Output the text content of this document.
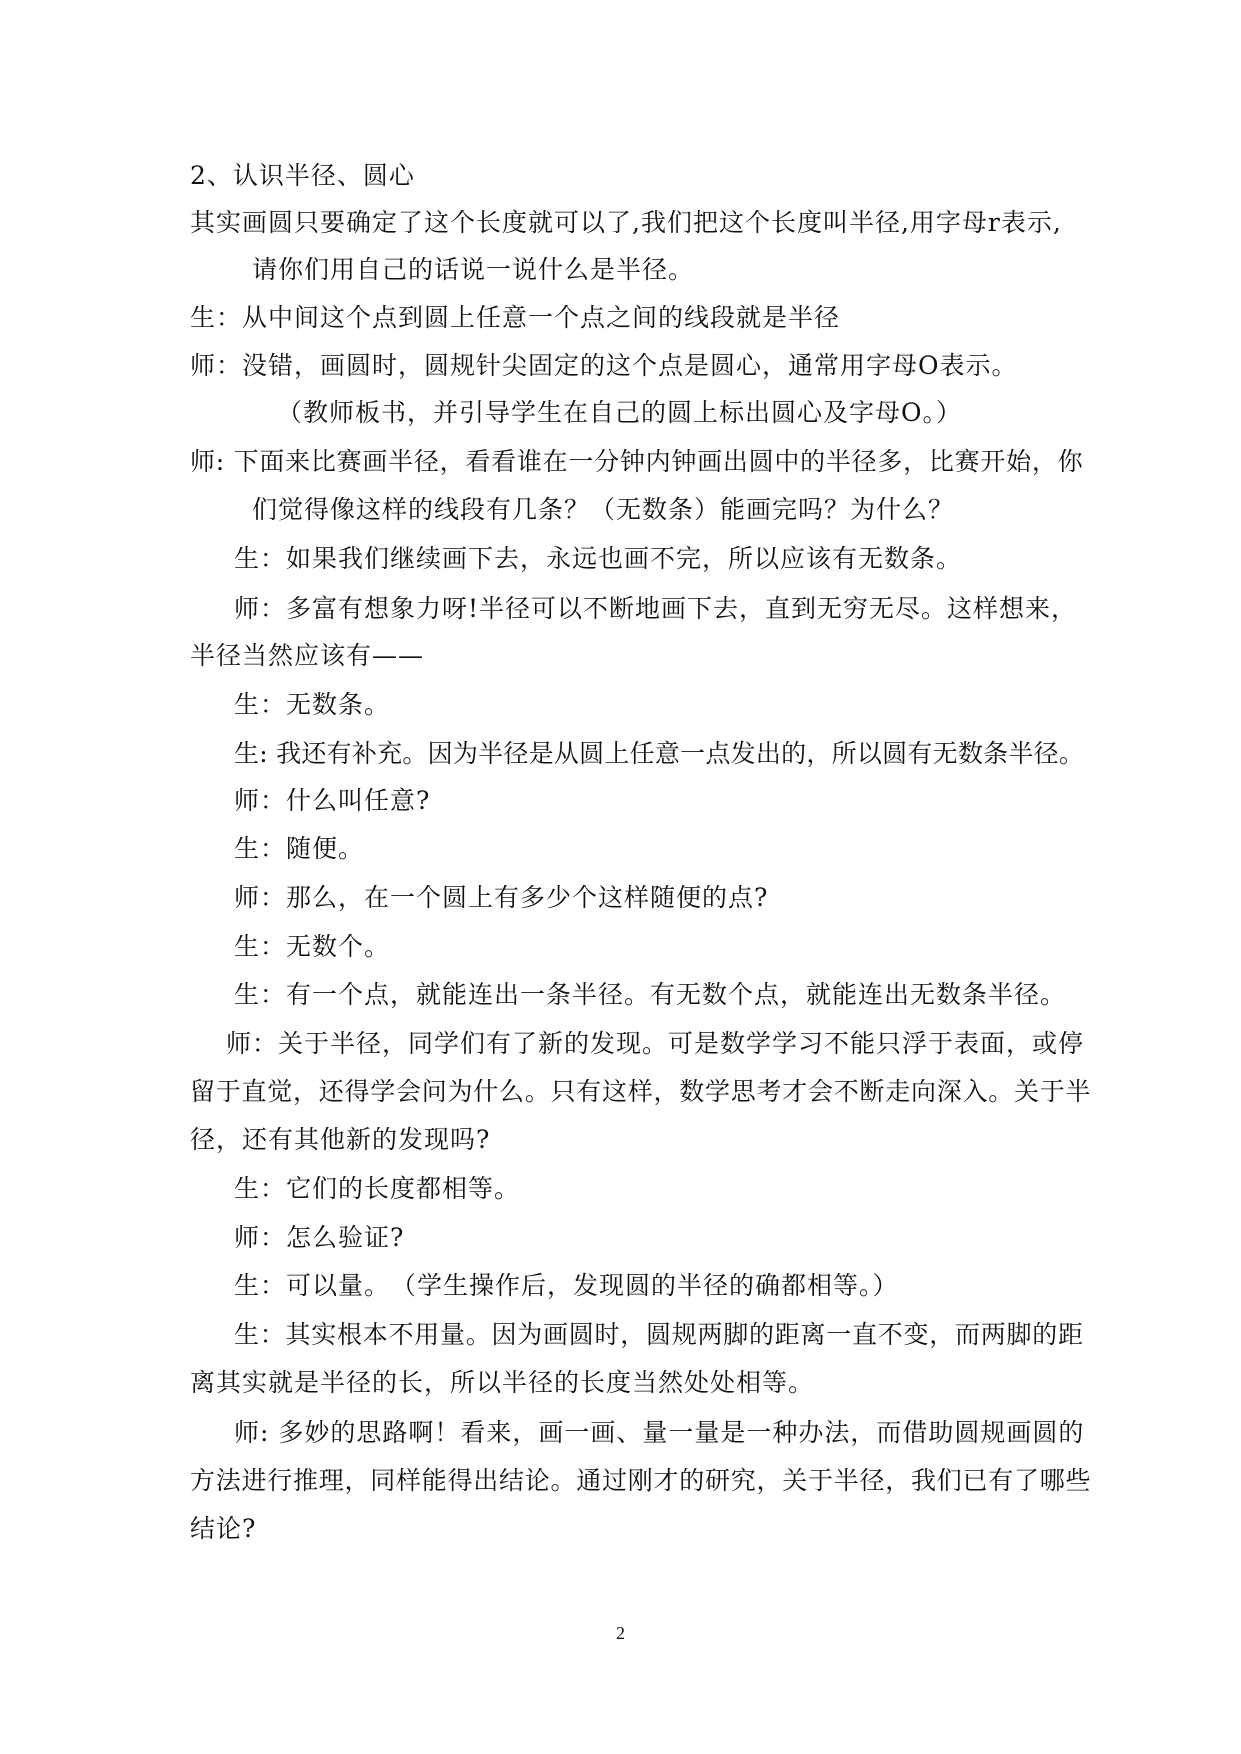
2、认识半径、圆心
其实画圆只要确定了这个长度就可以了,我们把这个长度叫半径,用字母r表示,
请你们用自己的话说一说什么是半径。
生：从中间这个点到圆上任意一个点之间的线段就是半径
师：没错，画圆时，圆规针尖固定的这个点是圆心，通常用字母O表示。
（教师板书，并引导学生在自己的圆上标出圆心及字母O。）
师: 下面来比赛画半径，看看谁在一分钟内钟画出圆中的半径多，比赛开始，你
们觉得像这样的线段有几条？（无数条）能画完吗？为什么？
生：如果我们继续画下去，永远也画不完，所以应该有无数条。
师：多富有想象力呀!半径可以不断地画下去，直到无穷无尽。这样想来，
半径当然应该有——
生：无数条。
生: 我还有补充。因为半径是从圆上任意一点发出的，所以圆有无数条半径。
师：什么叫任意?
生：随便。
师：那么，在一个圆上有多少个这样随便的点?
生：无数个。
生：有一个点，就能连出一条半径。有无数个点，就能连出无数条半径。
师：关于半径，同学们有了新的发现。可是数学学习不能只浮于表面，或停
留于直觉，还得学会问为什么。只有这样，数学思考才会不断走向深入。关于半
径，还有其他新的发现吗?
生：它们的长度都相等。
师：怎么验证?
生：可以量。　（学生操作后，发现圆的半径的确都相等。）
生：其实根本不用量。因为画圆时，圆规两脚的距离一直不变，而两脚的距
离其实就是半径的长，所以半径的长度当然处处相等。
师: 多妙的思路啊！看来，画一画、量一量是一种办法，而借助圆规画圆的
方法进行推理，同样能得出结论。通过刚才的研究，关于半径，我们已有了哪些
结论?
2
